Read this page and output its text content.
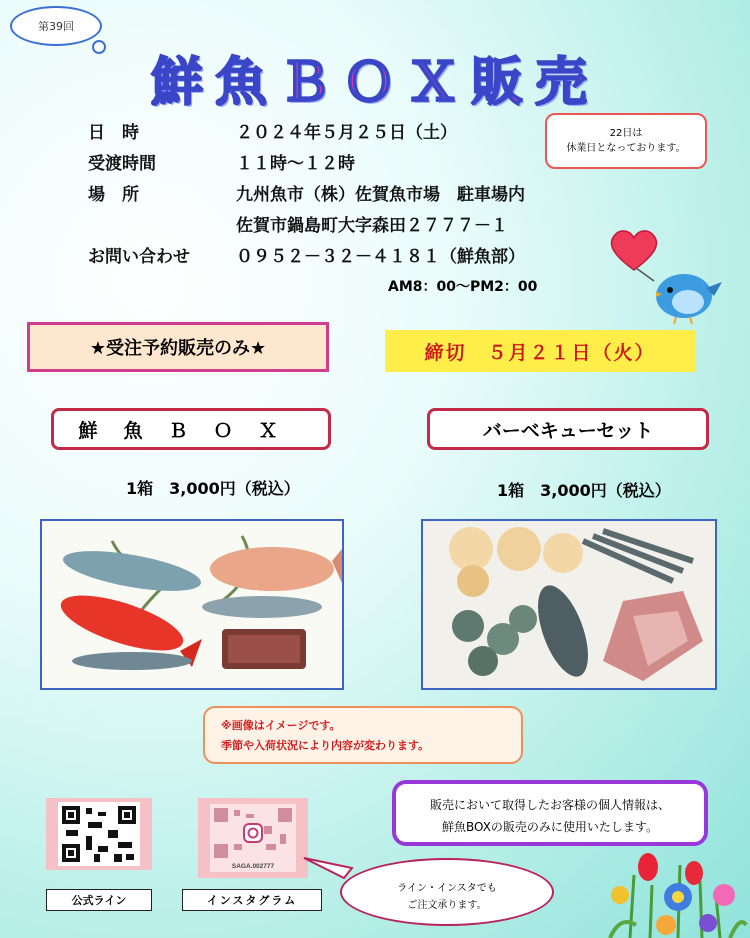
第39回
鮮魚ＢＯＸ販売
日　時	２０２４年５月２５日（土）
受渡時間	１１時～１２時
場　所	九州魚市（株）佐賀魚市場　駐車場内
佐賀市鍋島町大字森田２７７７－１
お問い合わせ	０９５２－３２－４１８１（鮮魚部）
22日は
休業日となっております。
AM8：00～PM2：00
★受注予約販売のみ★	締切　５月２１日（火）
鮮魚ＢＯＸ	バーベキューセット
1箱　3,000円（税込）	1箱　3,000円（税込）
※画像はイメージです。
季節や入荷状況により内容が変わります。
販売において取得したお客様の個人情報は、
鮮魚BOXの販売のみに使用いたします。
公式ライン
SAGA.002777
インスタグラム
ライン・インスタでも
ご注文承ります。
